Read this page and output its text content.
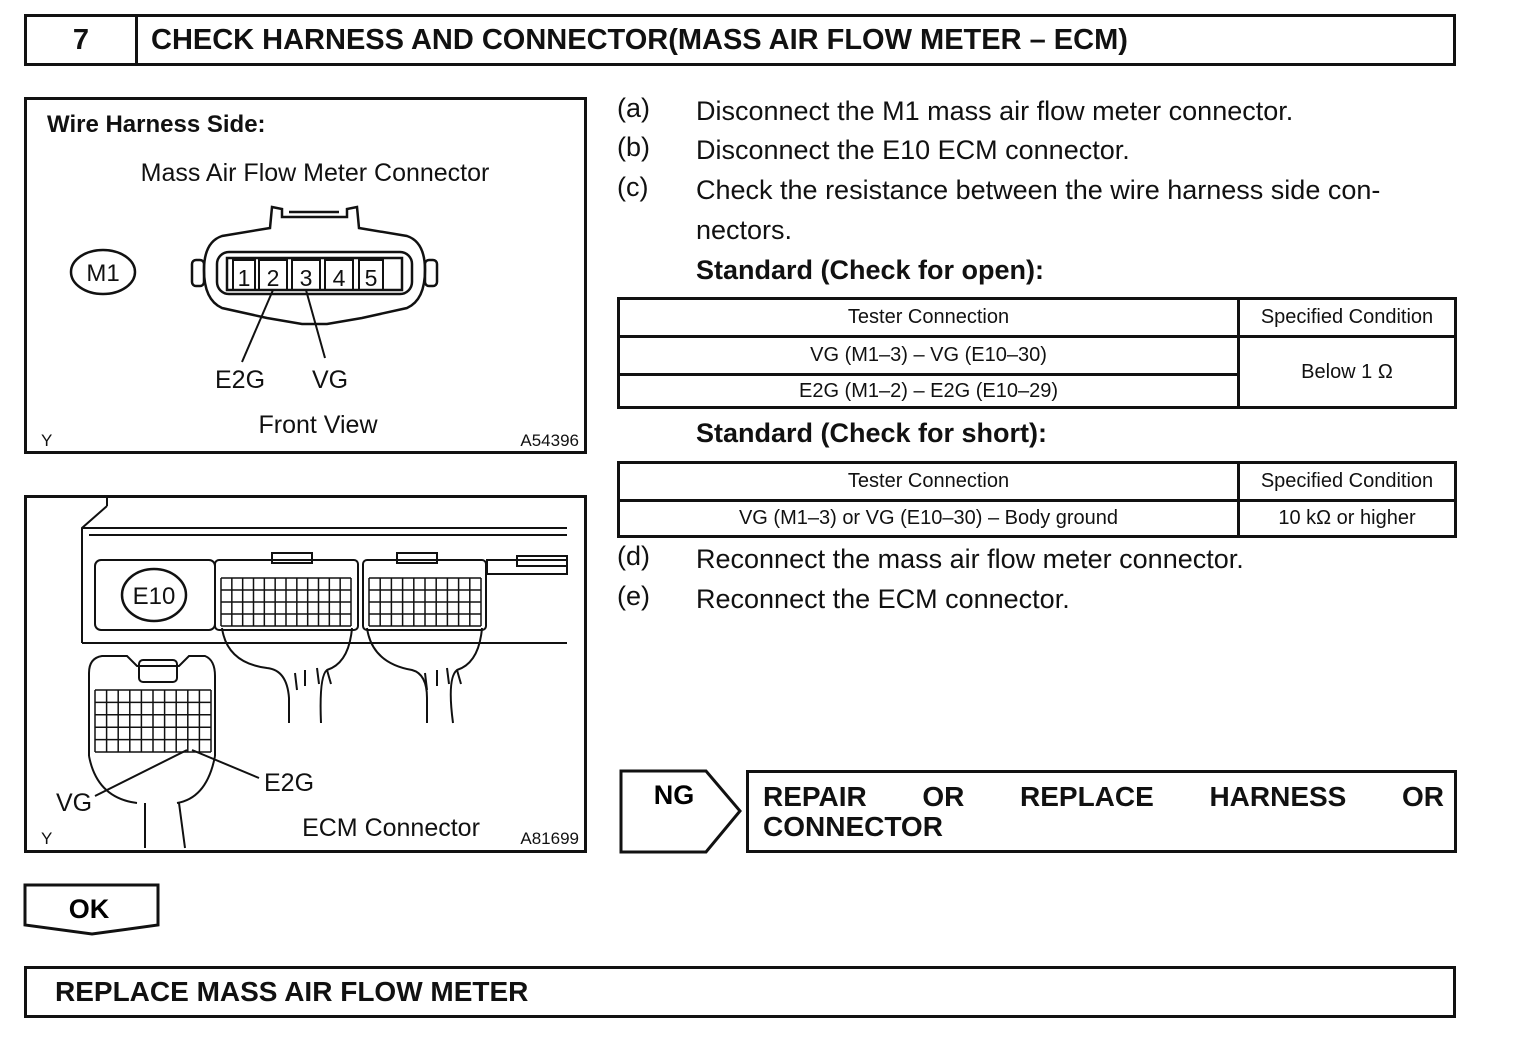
7	CHECK HARNESS AND CONNECTOR(MASS AIR FLOW METER – ECM)
Wire Harness Side:
Mass Air Flow Meter Connector
M1	1 2 3 4 5
E2G VG
Front View
Y	A54396
E10
E2G
VG
ECM Connector
Y	A81699
(a)	Disconnect the M1 mass air flow meter connector.
(b)	Disconnect the E10 ECM connector.
(c)	Check the resistance between the wire harness side con-
nectors.
Standard (Check for open):
Tester Connection	Specified Condition
VG (M1–3) – VG (E10–30)	Below 1 Ω
E2G (M1–2) – E2G (E10–29)	
Standard (Check for short):
Tester Connection	Specified Condition
VG (M1–3) or VG (E10–30) – Body ground	10 kΩ or higher
(d)	Reconnect the mass air flow meter connector.
(e)	Reconnect the ECM connector.
NG REPAIR OR REPLACE HARNESS OR
CONNECTOR
OK
REPLACE MASS AIR FLOW METER
